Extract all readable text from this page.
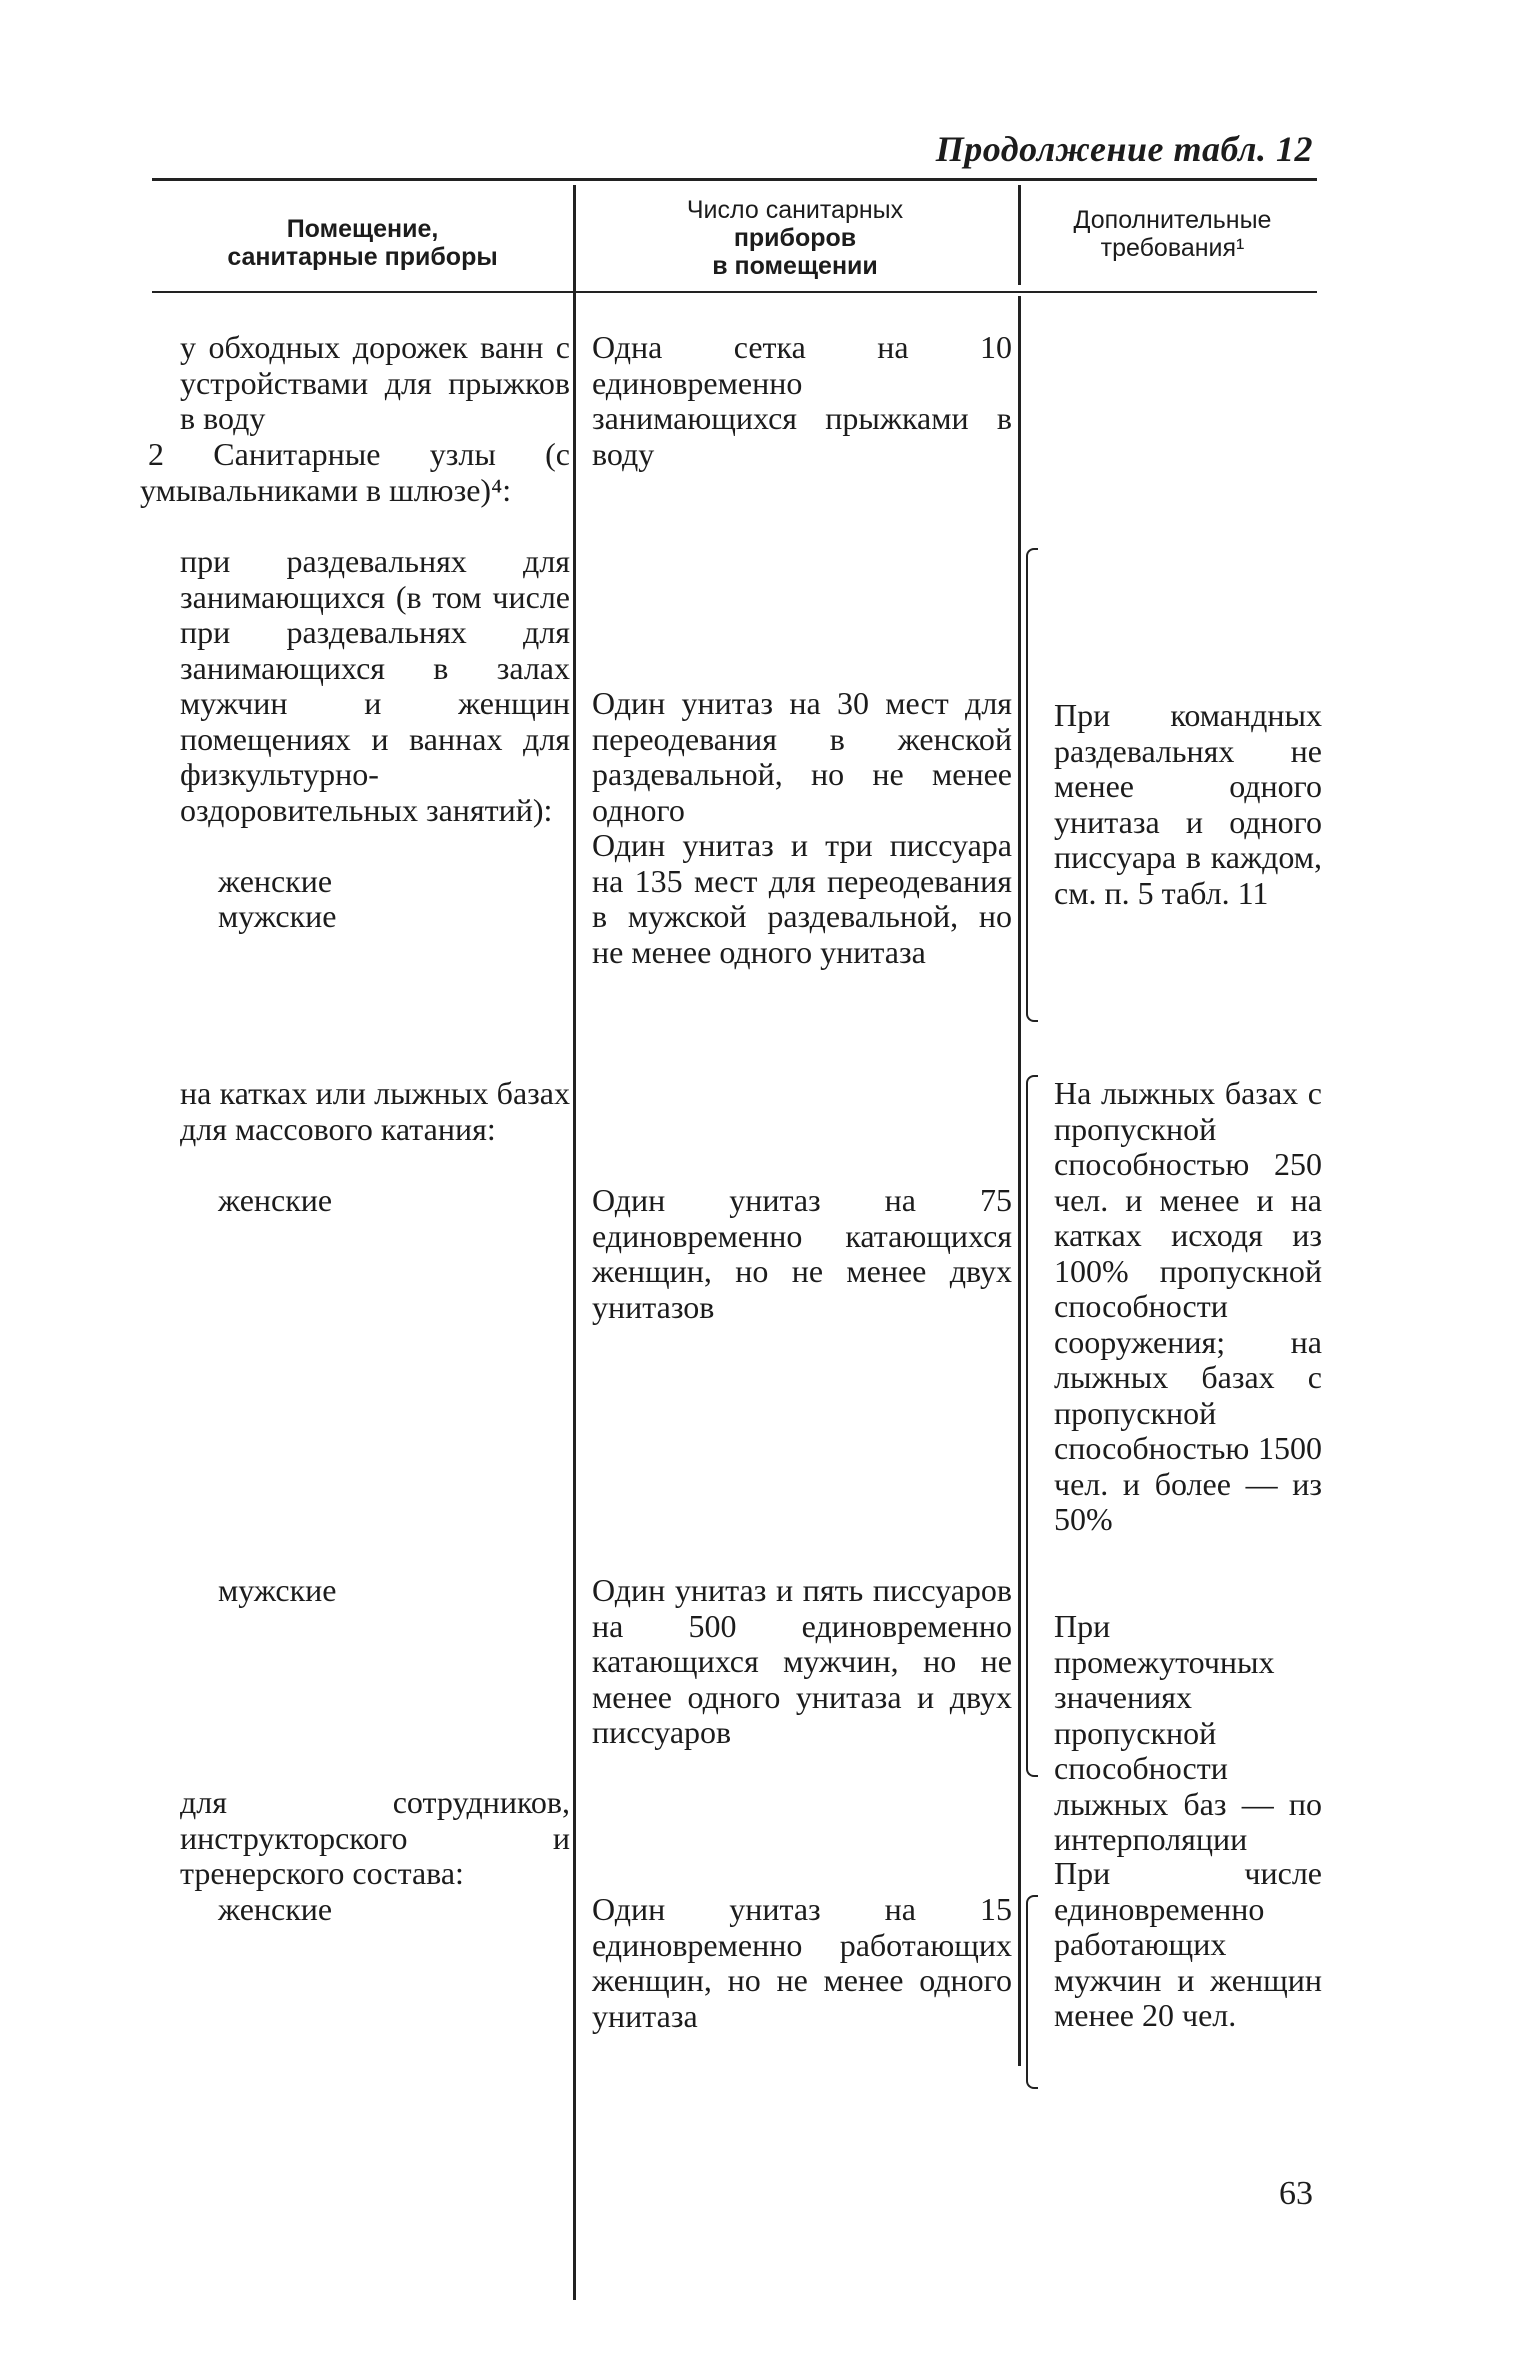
Продолжение табл. 12
Помещение,
санитарные приборы
Число санитарных
приборов
в помещении
Дополнительные
требования¹
у обходных дорожек ванн с устройствами для прыжков в воду
2 Санитарные узлы (с умывальниками в шлюзе)⁴:
при раздевальнях для занимающихся (в том числе при раздевальнях для занимающихся в залах мужчин и женщин помещениях и ваннах для физкультурно-оздоровительных занятий):
женские
мужские
на катках или лыжных базах для массового катания:
женские
мужские
для сотрудников, инструкторского и тренерского состава:
женские
Одна сетка на 10 единовременно занимающихся прыжками в воду
Один унитаз на 30 мест для переодевания в женской раздевальной, но не менее одного
Один унитаз и три писсуара на 135 мест для переодевания в мужской раздевальной, но не менее одного унитаза
Один унитаз на 75 единовременно катающихся женщин, но не менее двух унитазов
Один унитаз и пять писсуаров на 500 единовременно катающихся мужчин, но не менее одного унитаза и двух писсуаров
Один унитаз на 15 единовременно работающих женщин, но не менее одного унитаза
При командных раздевальнях не менее одного унитаза и одного писсуара в каждом, см. п. 5 табл. 11
На лыжных базах с пропускной способностью 250 чел. и менее и на катках исходя из 100% пропускной способности сооружения; на лыжных базах с пропускной способностью 1500 чел. и более — из 50%
При промежуточных значениях пропускной способности лыжных баз — по интерполяции
При числе единовременно работающих мужчин и женщин менее 20 чел.
63
